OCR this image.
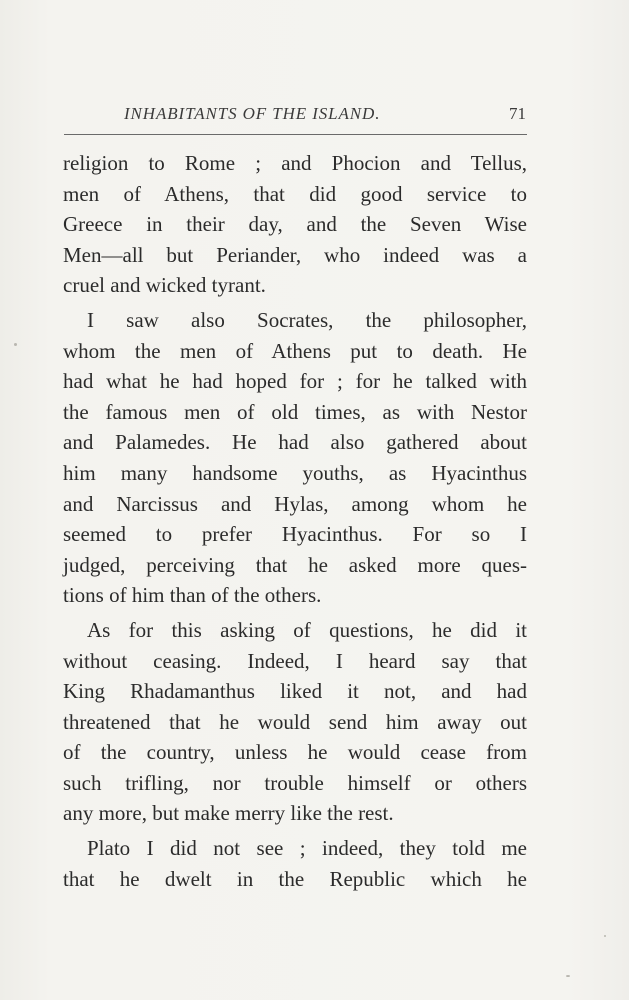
INHABITANTS OF THE ISLAND.	71
religion to Rome ; and Phocion and Tellus,
men of Athens, that did good service to
Greece in their day, and the Seven Wise
Men—all but Periander, who indeed was a
cruel and wicked tyrant.
I saw also Socrates, the philosopher,
whom the men of Athens put to death. He
had what he had hoped for ; for he talked with
the famous men of old times, as with Nestor
and Palamedes. He had also gathered about
him many handsome youths, as Hyacinthus
and Narcissus and Hylas, among whom he
seemed to prefer Hyacinthus. For so I
judged, perceiving that he asked more ques-
tions of him than of the others.
As for this asking of questions, he did it
without ceasing. Indeed, I heard say that
King Rhadamanthus liked it not, and had
threatened that he would send him away out
of the country, unless he would cease from
such trifling, nor trouble himself or others
any more, but make merry like the rest.
Plato I did not see ; indeed, they told me
that he dwelt in the Republic which he
